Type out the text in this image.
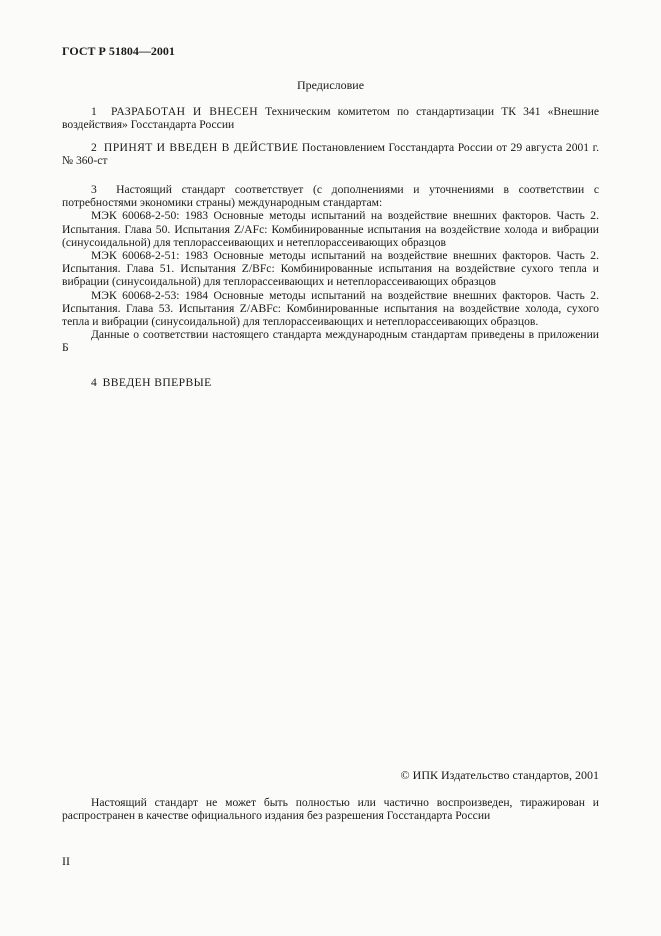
ГОСТ Р 51804—2001
Предисловие

1 РАЗРАБОТАН И ВНЕСЕН Техническим комитетом по стандартизации ТК 341 «Внешние воздействия» Госстандарта России

2 ПРИНЯТ И ВВЕДЕН В ДЕЙСТВИЕ Постановлением Госстандарта России от 29 августа 2001 г. № 360-ст

3 Настоящий стандарт соответствует (с дополнениями и уточнениями в соответствии с потребностями экономики страны) международным стандартам:

МЭК 60068-2-50: 1983 Основные методы испытаний на воздействие внешних факторов. Часть 2. Испытания. Глава 50. Испытания Z/AFc: Комбинированные испытания на воздействие холода и вибрации (синусоидальной) для теплорассеивающих и нетеплорассеивающих образцов

МЭК 60068-2-51: 1983 Основные методы испытаний на воздействие внешних факторов. Часть 2. Испытания. Глава 51. Испытания Z/BFc: Комбинированные испытания на воздействие сухого тепла и вибрации (синусоидальной) для теплорассеивающих и нетеплорассеивающих образцов

МЭК 60068-2-53: 1984 Основные методы испытаний на воздействие внешних факторов. Часть 2. Испытания. Глава 53. Испытания Z/ABFc: Комбинированные испытания на воздействие холода, сухого тепла и вибрации (синусоидальной) для теплорассеивающих и нетеплорассеивающих образцов.

Данные о соответствии настоящего стандарта международным стандартам приведены в приложении Б

4 ВВЕДЕН ВПЕРВЫЕ

© ИПК Издательство стандартов, 2001

Настоящий стандарт не может быть полностью или частично воспроизведен, тиражирован и распространен в качестве официального издания без разрешения Госстандарта России

II
